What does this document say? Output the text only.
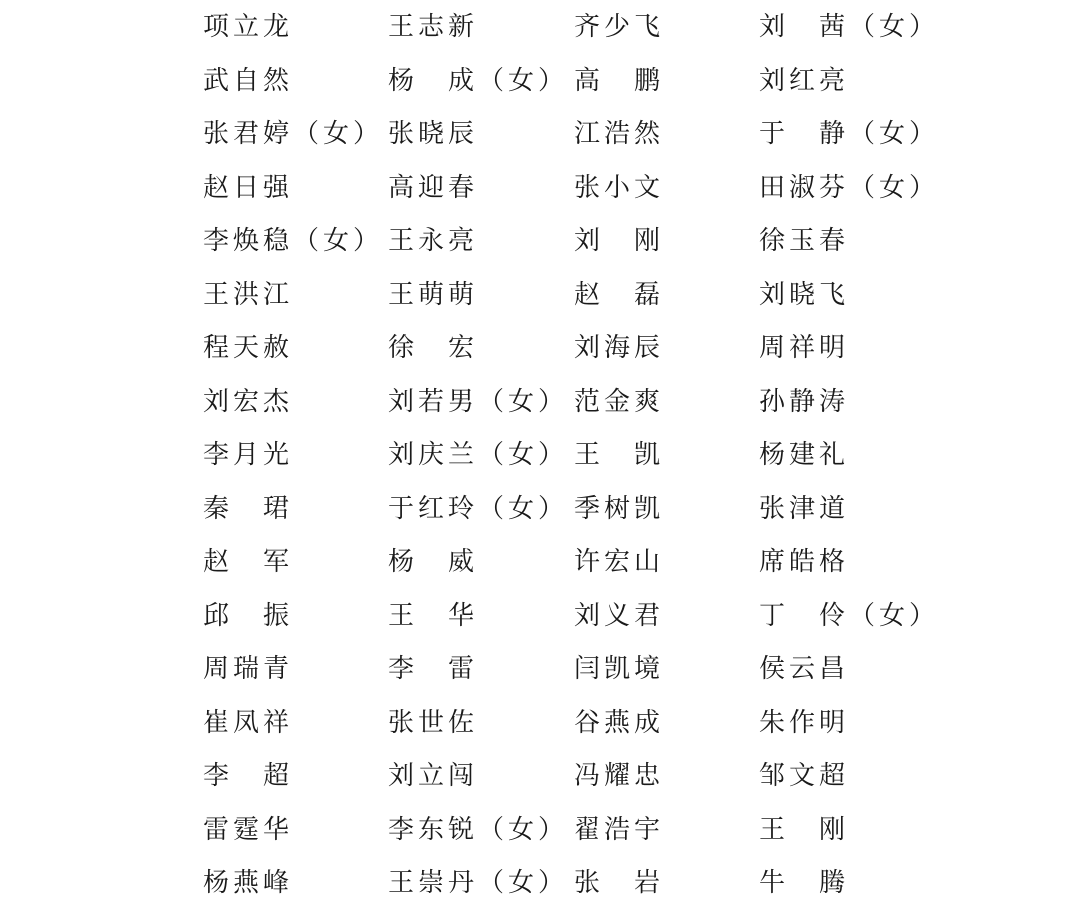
项立龙	王志新	齐少飞	刘　茜（女）
武自然	杨　成（女） 高　鹏	刘红亮
张君婷（女） 张晓辰	江浩然	于　静（女）
赵日强	高迎春	张小文	田淑芬（女）
李焕稳（女） 王永亮	刘　刚	徐玉春
王洪江	王萌萌	赵　磊	刘晓飞
程天赦	徐　宏	刘海辰	周祥明
刘宏杰	刘若男（女） 范金爽	孙静涛
李月光	刘庆兰（女） 王　凯	杨建礼
秦　珺	于红玲（女） 季树凯	张津道
赵　军	杨　威	许宏山	席皓格
邱　振	王　华	刘义君	丁　伶（女）
周瑞青	李　雷	闫凯境	侯云昌
崔凤祥	张世佐	谷燕成	朱作明
李　超	刘立闯	冯耀忠	邹文超
雷霆华	李东锐（女） 翟浩宇	王　刚
杨燕峰	王崇丹（女） 张　岩	牛　腾
